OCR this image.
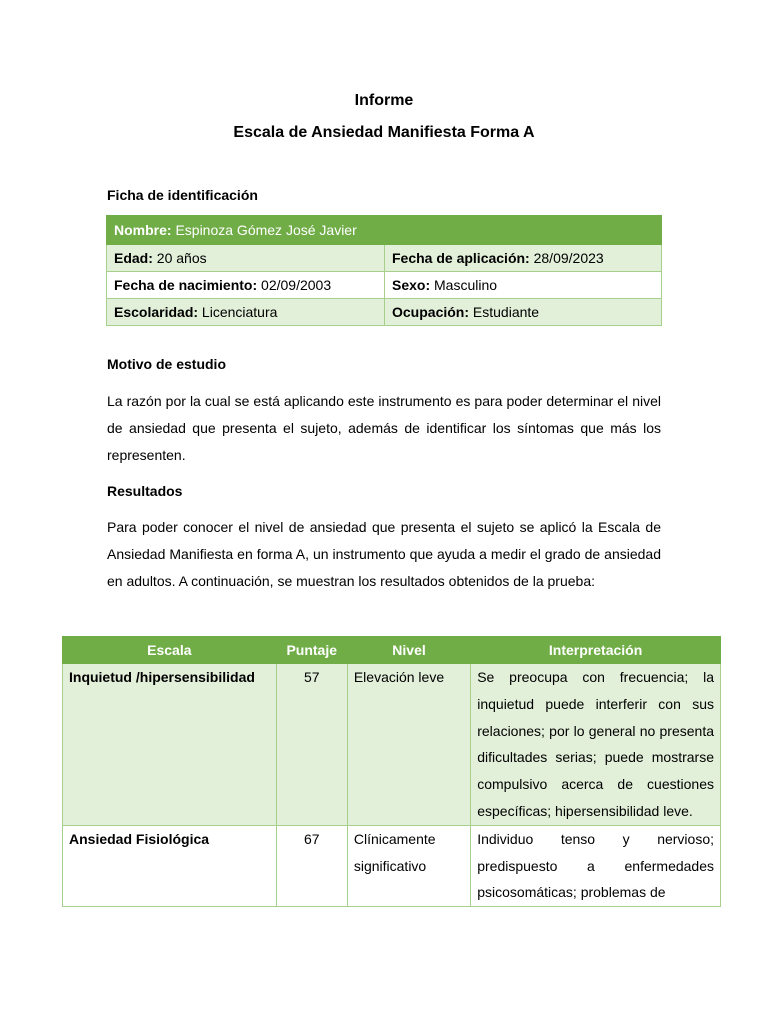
Informe
Escala de Ansiedad Manifiesta Forma A
Ficha de identificación
Nombre: Espinoza Gómez José Javier	
Edad: 20 años	Fecha de aplicación: 28/09/2023
Fecha de nacimiento: 02/09/2003	Sexo: Masculino
Escolaridad: Licenciatura	Ocupación: Estudiante
Motivo de estudio

La razón por la cual se está aplicando este instrumento es para poder determinar el nivel de ansiedad que presenta el sujeto, además de identificar los síntomas que más los representen.

Resultados

Para poder conocer el nivel de ansiedad que presenta el sujeto se aplicó la Escala de Ansiedad Manifiesta en forma A, un instrumento que ayuda a medir el grado de ansiedad en adultos. A continuación, se muestran los resultados obtenidos de la prueba:

Escala	Puntaje	Nivel	Interpretación
Inquietud /hipersensibilidad	57	Elevación leve	Se preocupa con frecuencia; la inquietud puede interferir con sus relaciones; por lo general no presenta dificultades serias; puede mostrarse compulsivo acerca de cuestiones específicas; hipersensibilidad leve.

Ansiedad Fisiológica	67	Clínicamente significativo	Individuo tenso y nervioso; predispuesto a enfermedades psicosomáticas; problemas de
